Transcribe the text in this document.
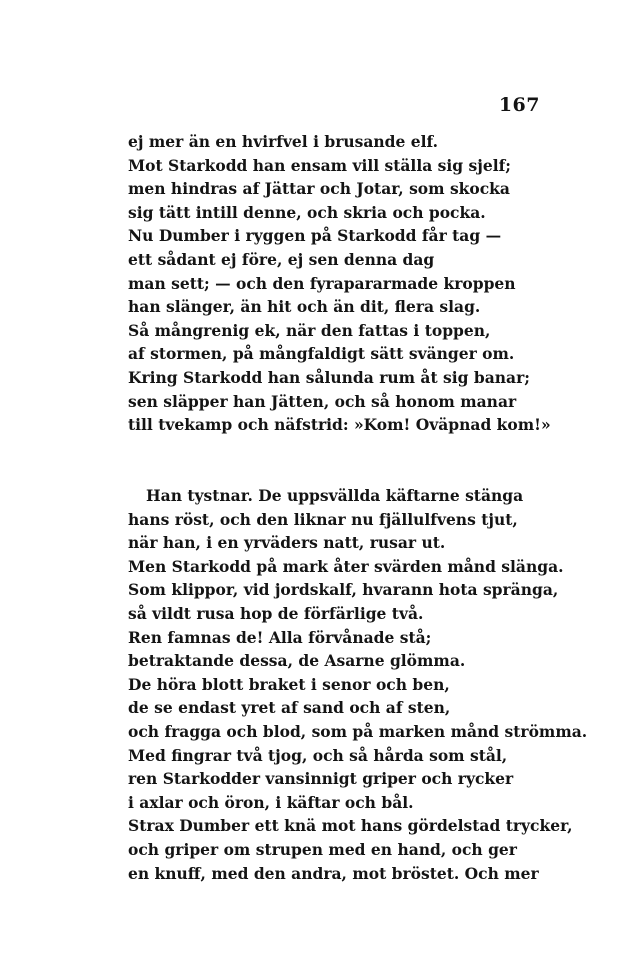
167
ej mer än en hvirfvel i brusande elf.
Mot Starkodd han ensam vill ställa sig sjelf;
men hindras af Jättar och Jotar, som skocka
sig tätt intill denne, och skria och pocka.
Nu Dumber i ryggen på Starkodd får tag —
ett sådant ej före, ej sen denna dag
man sett; — och den fyrapararmade kroppen
han slänger, än hit och än dit, flera slag.
Så mångrenig ek, när den fattas i toppen,
af stormen, på mångfaldigt sätt svänger om.
Kring Starkodd han sålunda rum åt sig banar;
sen släpper han Jätten, och så honom manar
till tvekamp och näfstrid: »Kom! Oväpnad kom!»
Han tystnar. De uppsvällda käftarne stänga
hans röst, och den liknar nu fjällulfvens tjut,
när han, i en yrväders natt, rusar ut.
Men Starkodd på mark åter svärden månd slänga.
Som klippor, vid jordskalf, hvarann hota spränga,
så vildt rusa hop de förfärlige två.
Ren famnas de! Alla förvånade stå;
betraktande dessa, de Asarne glömma.
De höra blott braket i senor och ben,
de se endast yret af sand och af sten,
och fragga och blod, som på marken månd strömma.
Med fingrar två tjog, och så hårda som stål,
ren Starkodder vansinnigt griper och rycker
i axlar och öron, i käftar och bål.
Strax Dumber ett knä mot hans gördelstad trycker,
och griper om strupen med en hand, och ger
en knuff, med den andra, mot bröstet. Och mer
